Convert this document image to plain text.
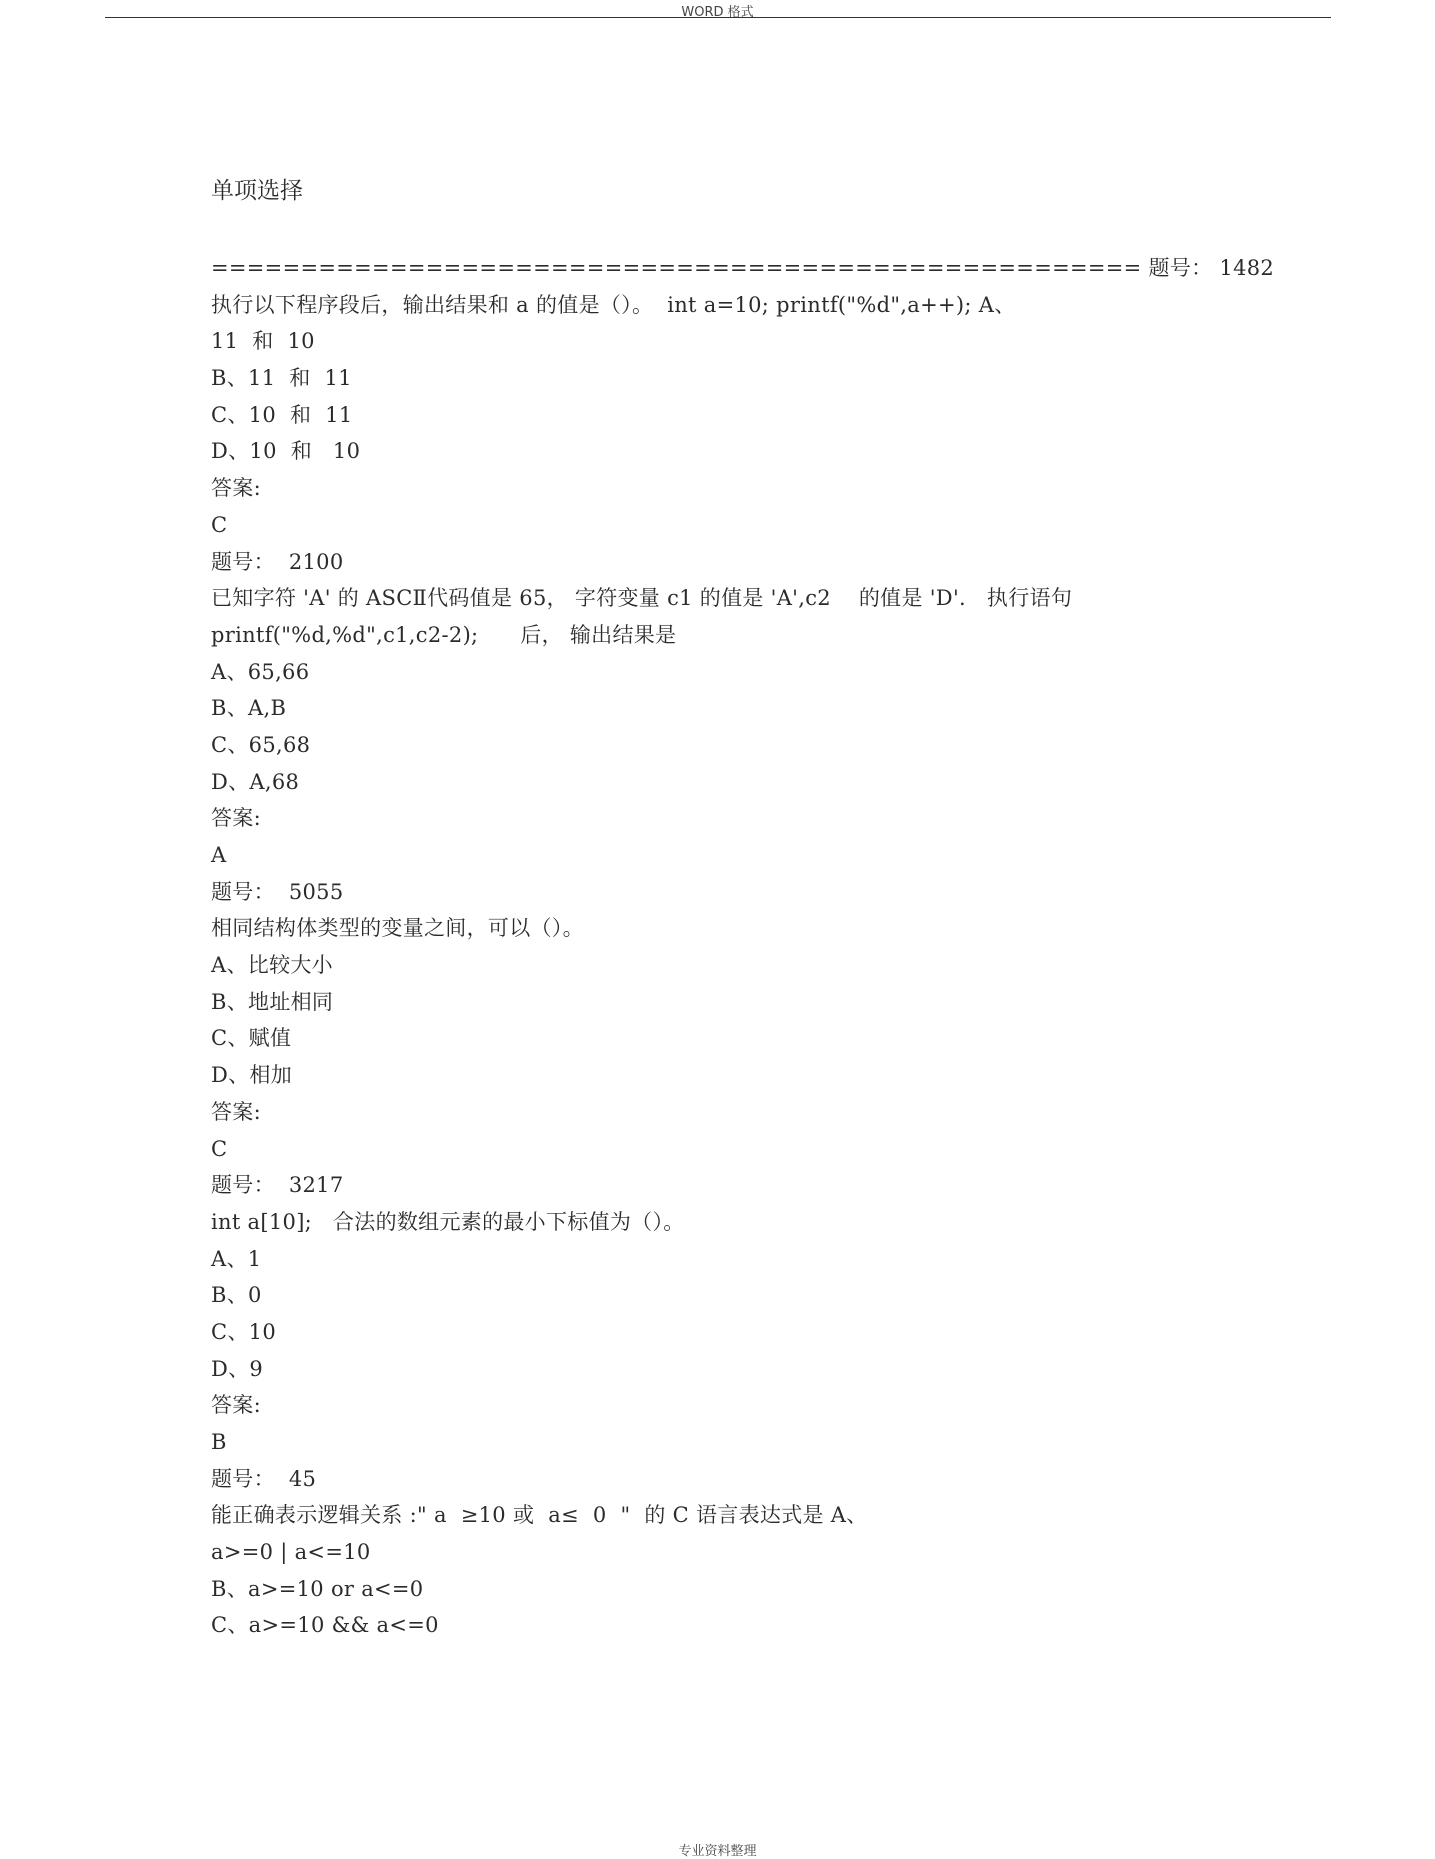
WORD 格式
单项选择
==================================================== 题号： 1482
执行以下程序段后，输出结果和 a 的值是（）。  int a=10; printf("%d",a++); A、
11  和  10
B、11  和  11
C、10  和  11
D、10  和   10
答案:
C
题号：  2100
已知字符 'A' 的 ASCⅡ代码值是 65， 字符变量 c1 的值是 'A',c2    的值是 'D'.   执行语句
printf("%d,%d",c1,c2-2);      后， 输出结果是
A、65,66
B、A,B
C、65,68
D、A,68
答案:
A
题号：  5055
相同结构体类型的变量之间，可以（）。
A、比较大小
B、地址相同
C、赋值
D、相加
答案:
C
题号：  3217
int a[10];   合法的数组元素的最小下标值为（）。
A、1
B、0
C、10
D、9
答案:
B
题号：  45
能正确表示逻辑关系 :" a  ≥10 或  a≤  0  "  的 C 语言表达式是 A、
a>=0 | a<=10
B、a>=10 or a<=0
C、a>=10 && a<=0
专业资料整理
